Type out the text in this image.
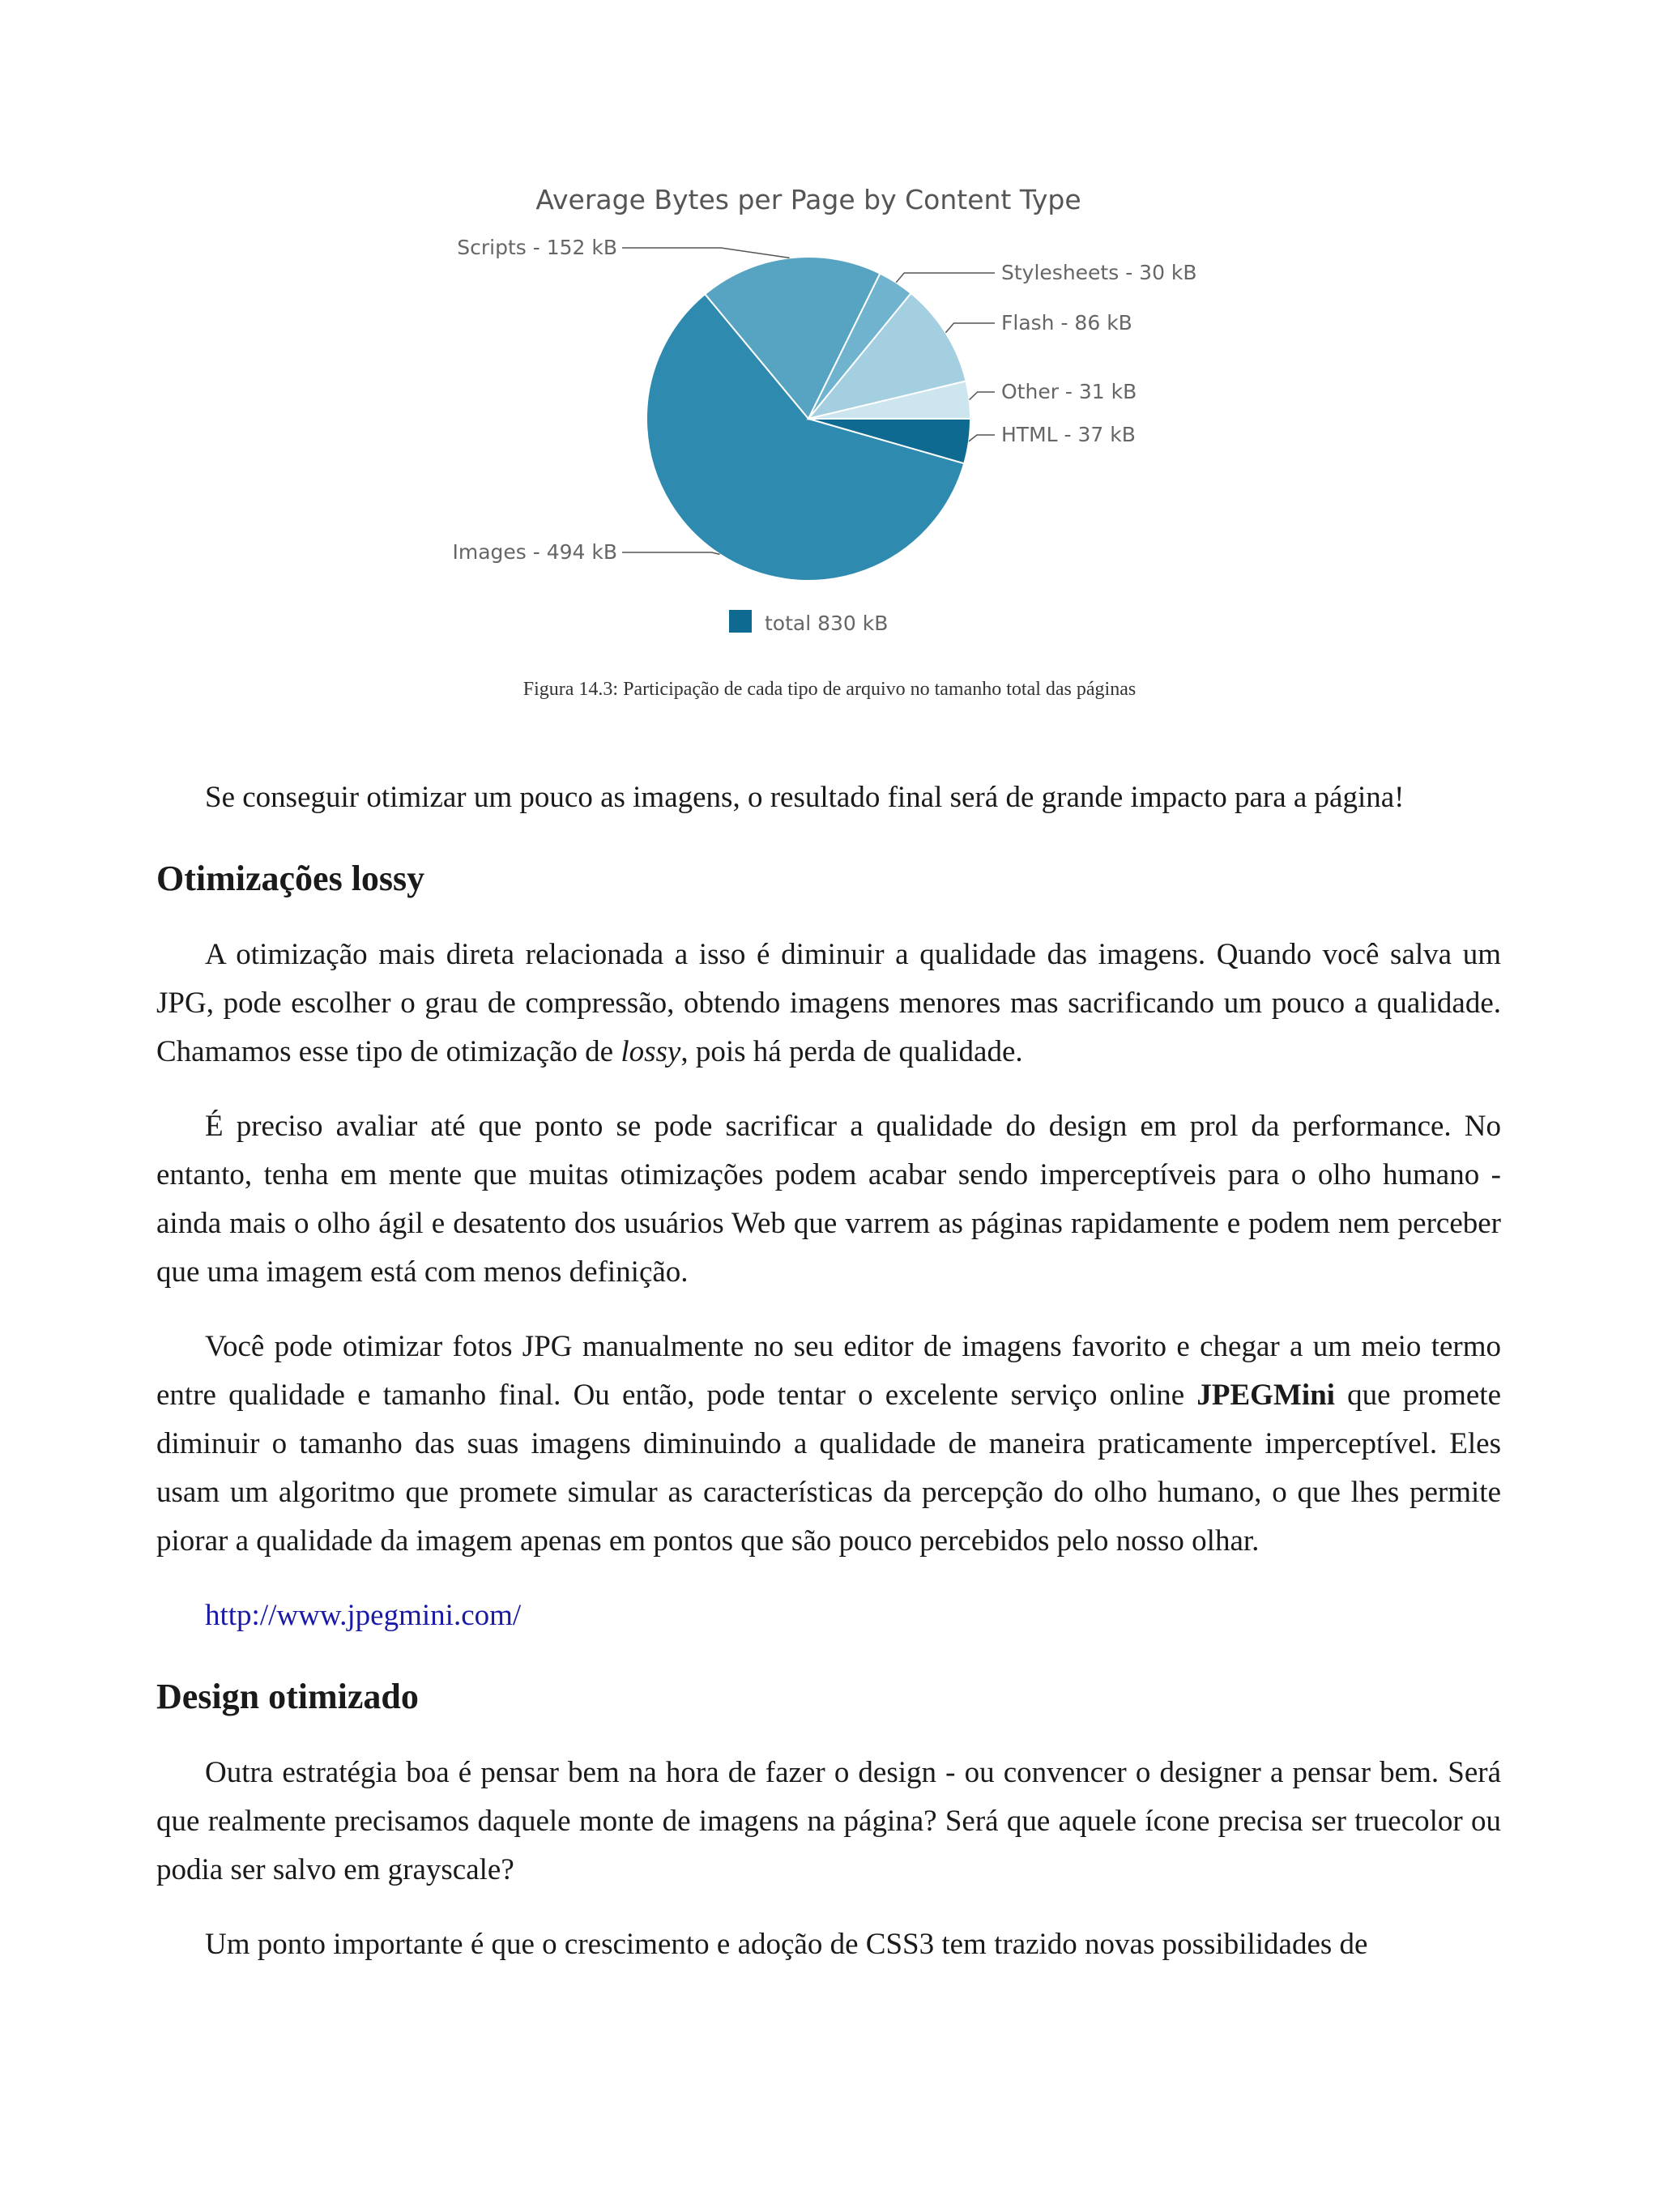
Average Bytes per Page by Content Type
HTML - 37 kB
Images - 494 kB
Scripts - 152 kB
Stylesheets - 30 kB
Flash - 86 kB
Other - 31 kB
total 830 kB
Figura 14.3: Participação de cada tipo de arquivo no tamanho total das páginas

Se conseguir otimizar um pouco as imagens, o resultado final será de grande impacto para a página!

Otimizações lossy

A otimização mais direta relacionada a isso é diminuir a qualidade das imagens. Quando você salva um JPG, pode escolher o grau de compressão, obtendo imagens menores mas sacrificando um pouco a qualidade. Chamamos esse tipo de otimização de lossy, pois há perda de qualidade.

É preciso avaliar até que ponto se pode sacrificar a qualidade do design em prol da performance. No entanto, tenha em mente que muitas otimizações podem acabar sendo imperceptíveis para o olho humano - ainda mais o olho ágil e desatento dos usuários Web que varrem as páginas rapidamente e podem nem perceber que uma imagem está com menos definição.

Você pode otimizar fotos JPG manualmente no seu editor de imagens favorito e chegar a um meio termo entre qualidade e tamanho final. Ou então, pode tentar o excelente serviço online JPEGMini que promete diminuir o tamanho das suas imagens diminuindo a qualidade de maneira praticamente imperceptível. Eles usam um algoritmo que promete simular as características da percepção do olho humano, o que lhes permite piorar a qualidade da imagem apenas em pontos que são pouco percebidos pelo nosso olhar.

http://www.jpegmini.com/

Design otimizado

Outra estratégia boa é pensar bem na hora de fazer o design - ou convencer o designer a pensar bem. Será que realmente precisamos daquele monte de imagens na página? Será que aquele ícone precisa ser truecolor ou podia ser salvo em grayscale?

Um ponto importante é que o crescimento e adoção de CSS3 tem trazido novas possibilidades de
